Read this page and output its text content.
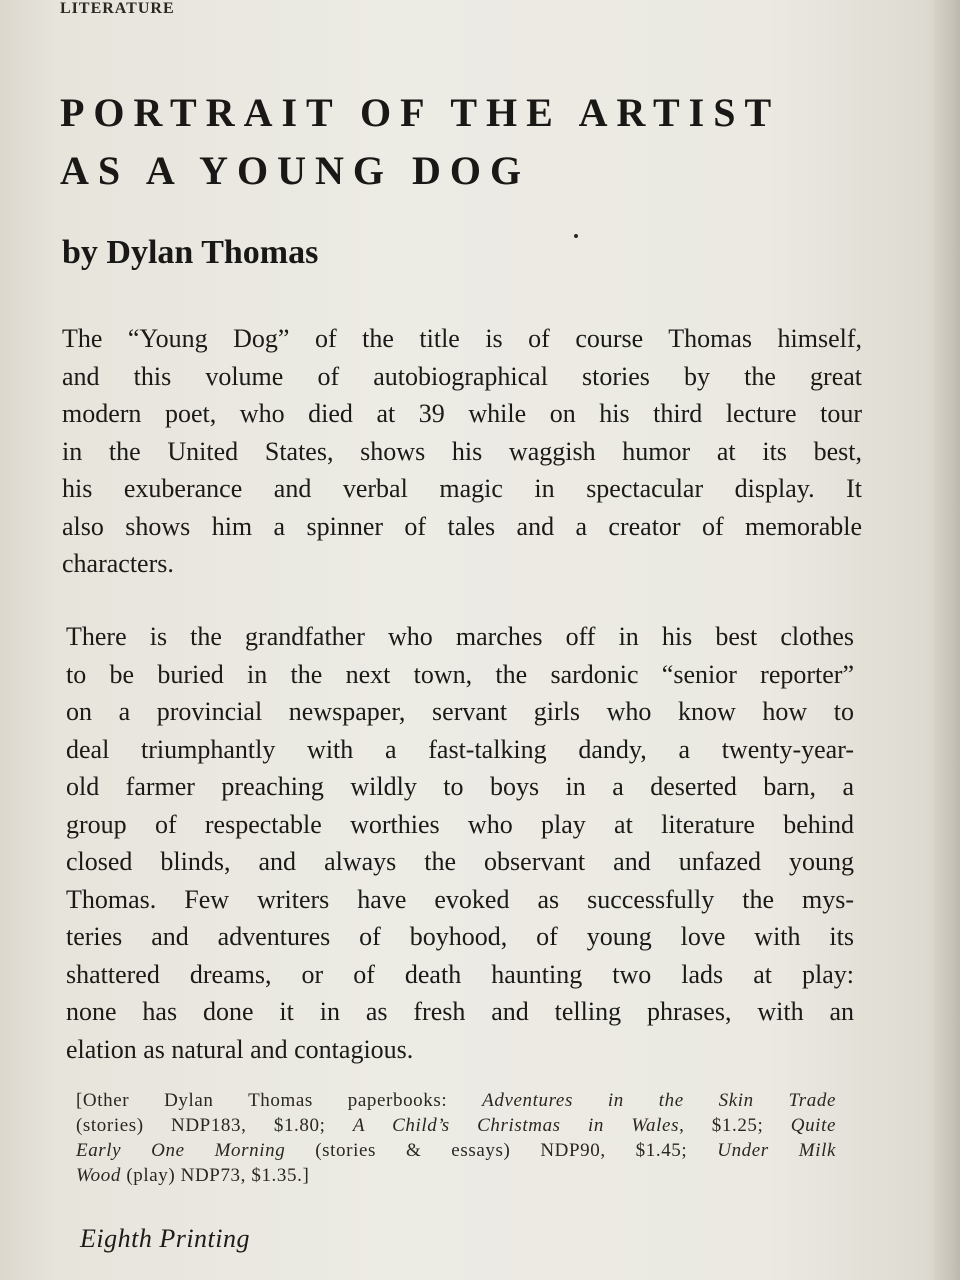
LITERATURE
PORTRAIT OF THE ARTIST
AS A YOUNG DOG
by Dylan Thomas
The “Young Dog” of the title is of course Thomas himself,
and this volume of autobiographical stories by the great
modern poet, who died at 39 while on his third lecture tour
in the United States, shows his waggish humor at its best,
his exuberance and verbal magic in spectacular display. It
also shows him a spinner of tales and a creator of memorable
characters.
There is the grandfather who marches off in his best clothes
to be buried in the next town, the sardonic “senior reporter”
on a provincial newspaper, servant girls who know how to
deal triumphantly with a fast-talking dandy, a twenty-year-
old farmer preaching wildly to boys in a deserted barn, a
group of respectable worthies who play at literature behind
closed blinds, and always the observant and unfazed young
Thomas. Few writers have evoked as successfully the mys-
teries and adventures of boyhood, of young love with its
shattered dreams, or of death haunting two lads at play:
none has done it in as fresh and telling phrases, with an
elation as natural and contagious.
[Other Dylan Thomas paperbooks: Adventures in the Skin Trade
(stories) NDP183, $1.80; A Child’s Christmas in Wales, $1.25; Quite
Early One Morning (stories & essays) NDP90, $1.45; Under Milk
Wood (play) NDP73, $1.35.]
Eighth Printing
